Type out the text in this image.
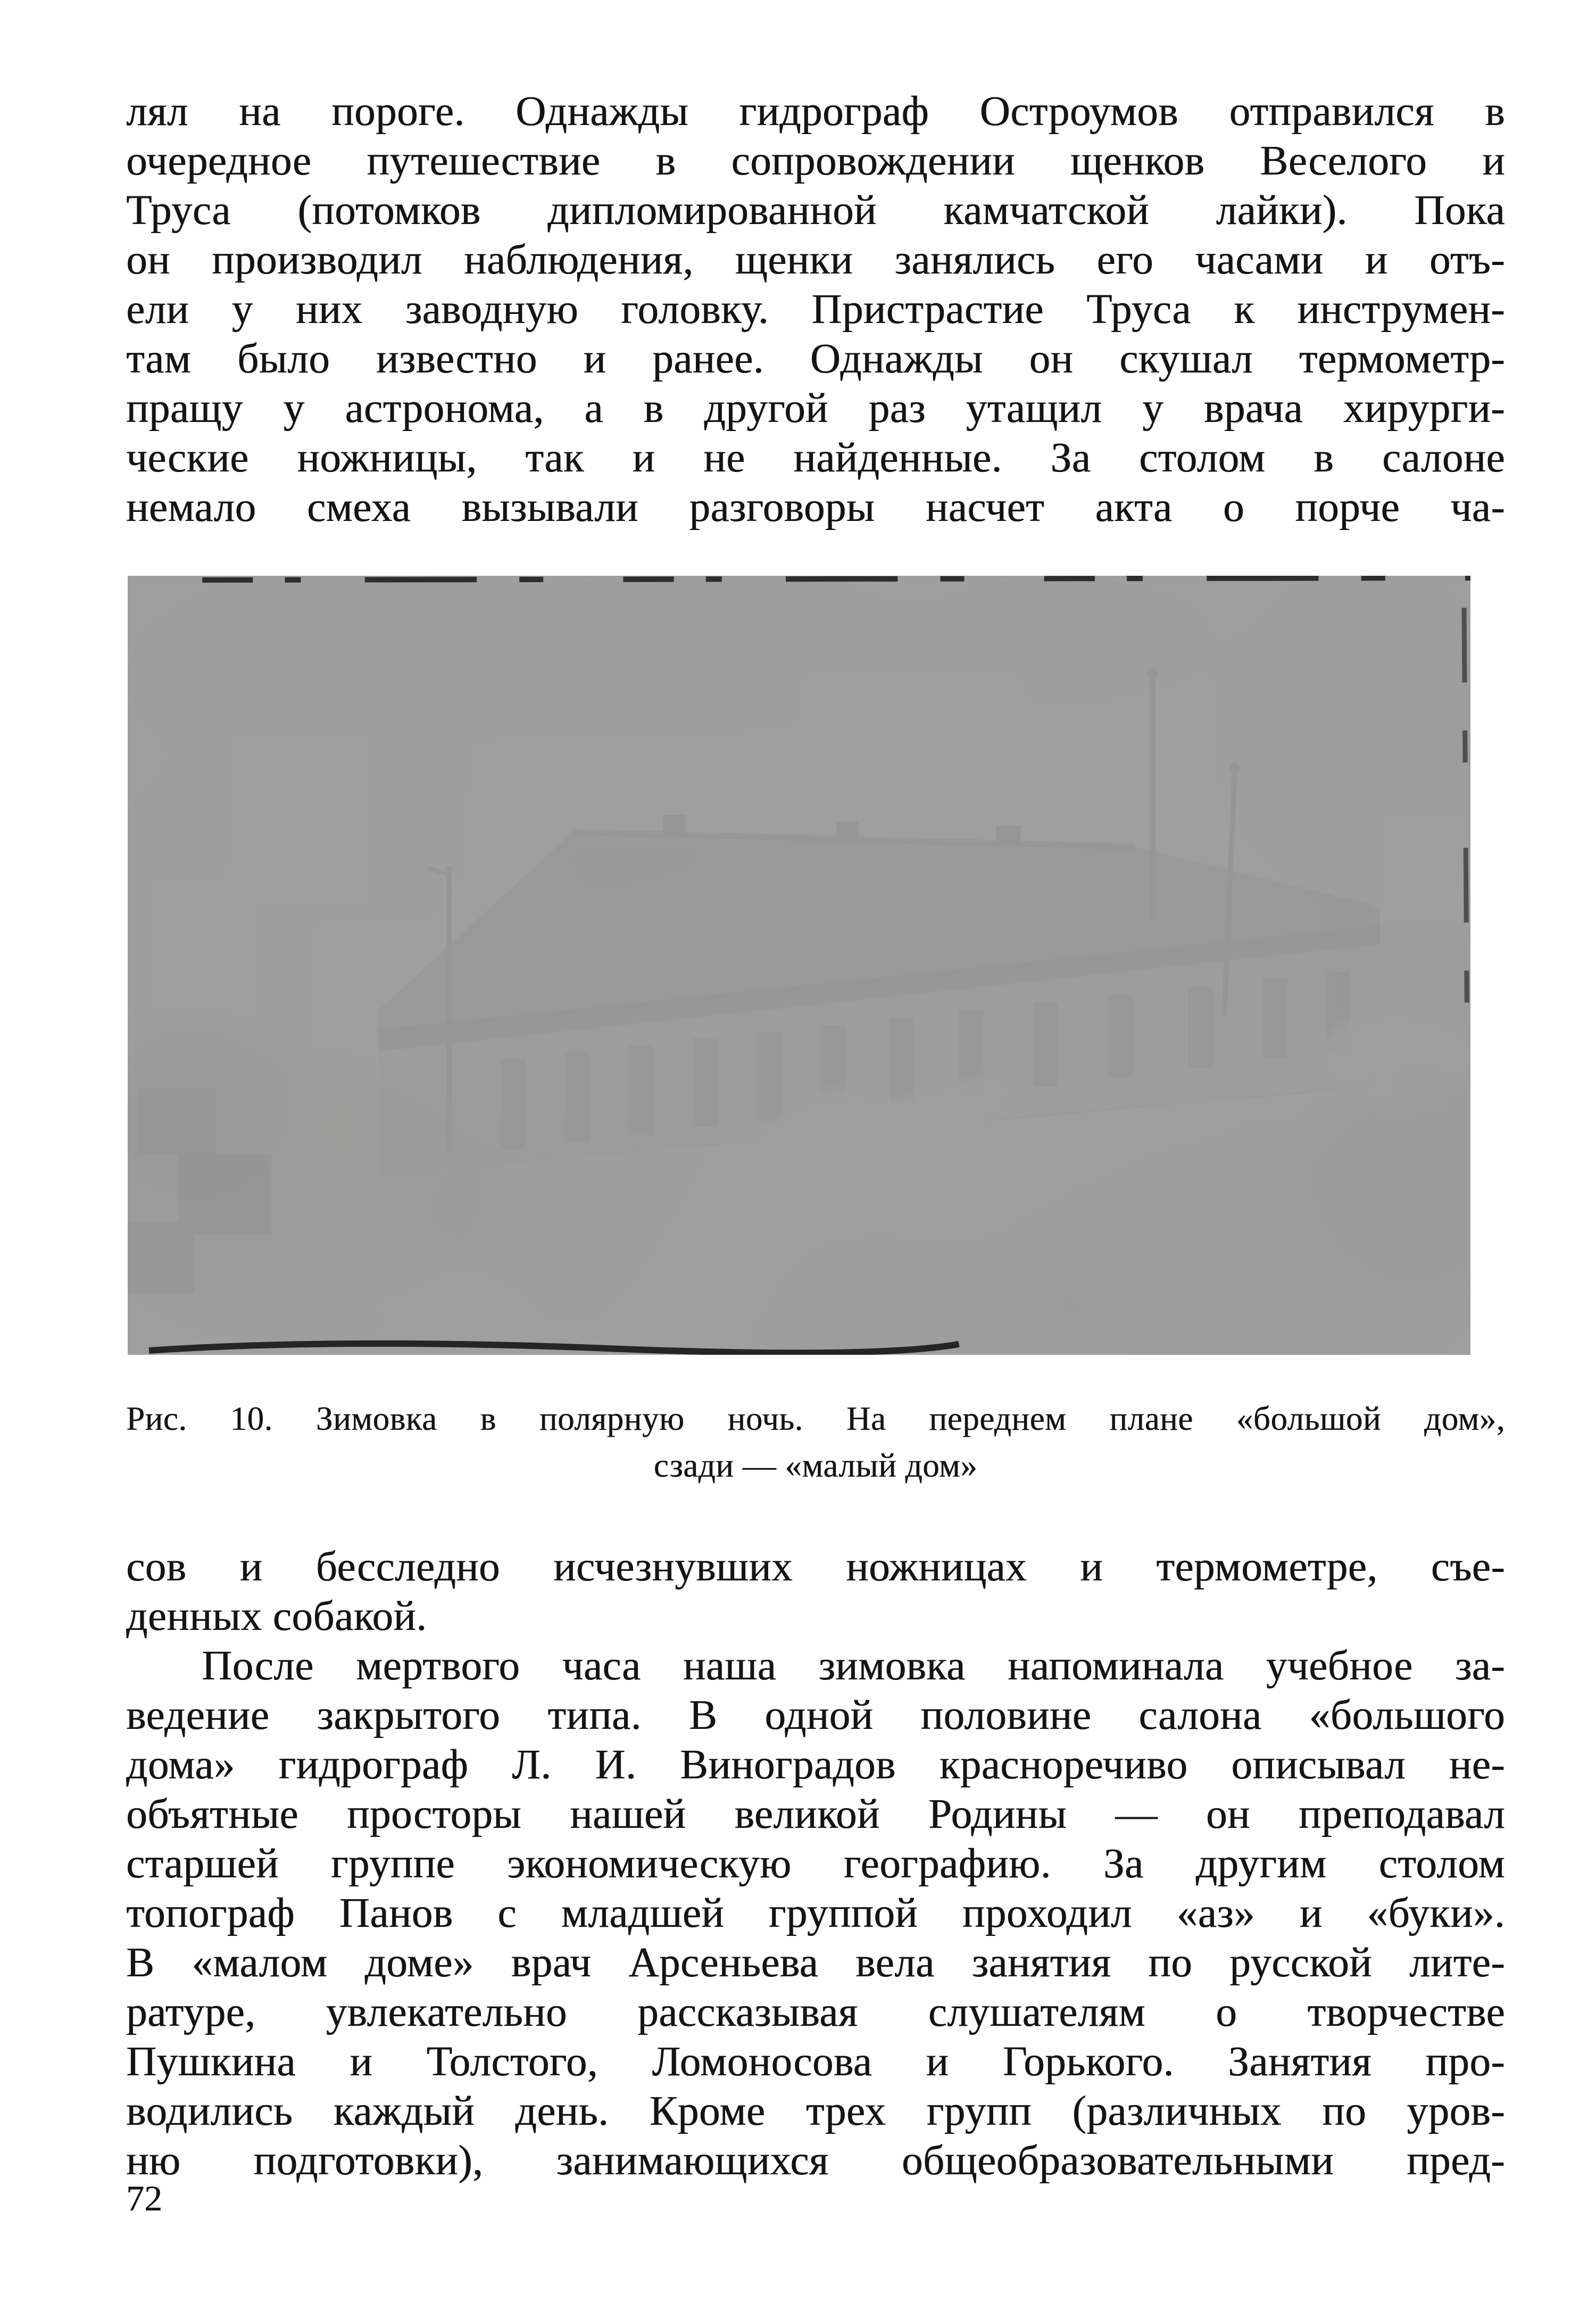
лял на пороге. Однажды гидрограф Остроумов отправился в
очередное путешествие в сопровождении щенков Веселого и
Труса (потомков дипломированной камчатской лайки). Пока
он производил наблюдения, щенки занялись его часами и отъ-
ели у них заводную головку. Пристрастие Труса к инструмен-
там было известно и ранее. Однажды он скушал термометр-
пращу у астронома, а в другой раз утащил у врача хирурги-
ческие ножницы, так и не найденные. За столом в салоне
немало смеха вызывали разговоры насчет акта о порче ча-
Рис. 10. Зимовка в полярную ночь. На переднем плане «большой дом»,
сзади — «малый дом»
сов и бесследно исчезнувших ножницах и термометре, съе-
денных собакой.
После мертвого часа наша зимовка напоминала учебное за-
ведение закрытого типа. В одной половине салона «большого
дома» гидрограф Л. И. Виноградов красноречиво описывал не-
объятные просторы нашей великой Родины — он преподавал
старшей группе экономическую географию. За другим столом
топограф Панов с младшей группой проходил «аз» и «буки».
В «малом доме» врач Арсеньева вела занятия по русской лите-
ратуре, увлекательно рассказывая слушателям о творчестве
Пушкина и Толстого, Ломоносова и Горького. Занятия про-
водились каждый день. Кроме трех групп (различных по уров-
ню подготовки), занимающихся общеобразовательными пред-
72
